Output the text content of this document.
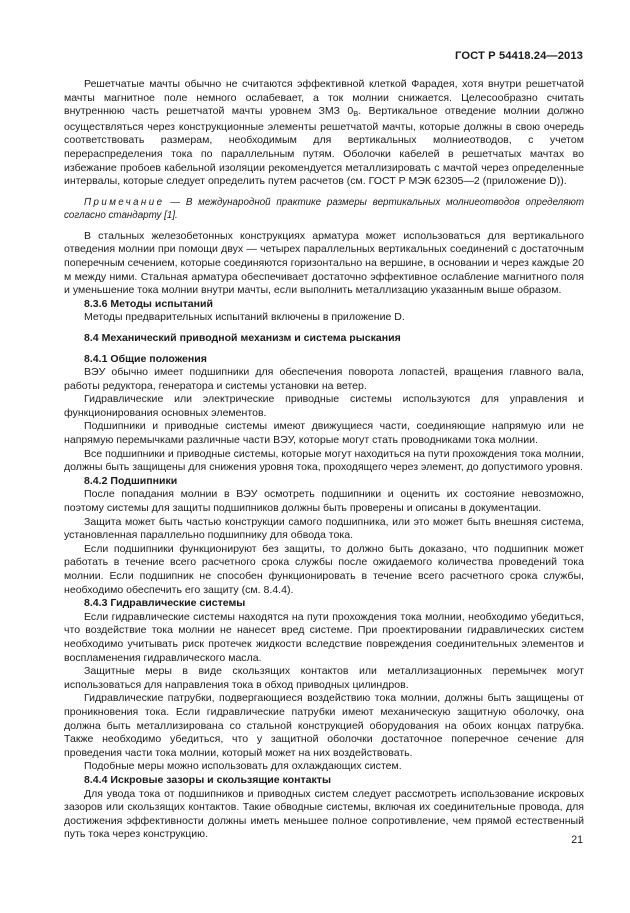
ГОСТ Р 54418.24—2013

Решетчатые мачты обычно не считаются эффективной клеткой Фарадея, хотя внутри решетчатой мачты магнитное поле немного ослабевает, а ток молнии снижается. Целесообразно считать внутреннюю часть решетчатой мачты уровнем ЗМЗ $0_B$. Вертикальное отведение молнии должно осуществляться через конструкционные элементы решетчатой мачты, которые должны в свою очередь соответствовать размерам, необходимым для вертикальных молниеотводов, с учетом перераспределения тока по параллельным путям. Оболочки кабелей в решетчатых мачтах во избежание пробоев кабельной изоляции рекомендуется металлизировать с мачтой через определенные интервалы, которые следует определить путем расчетов (см. ГОСТ Р МЭК 62305—2 (приложение D)).

Примечание — В международной практике размеры вертикальных молниеотводов определяют согласно стандарту [1].

В стальных железобетонных конструкциях арматура может использоваться для вертикального отведения молнии при помощи двух — четырех параллельных вертикальных соединений с достаточным поперечным сечением, которые соединяются горизонтально на вершине, в основании и через каждые 20 м между ними. Стальная арматура обеспечивает достаточно эффективное ослабление магнитного поля и уменьшение тока молнии внутри мачты, если выполнить металлизацию указанным выше образом.

8.3.6 Методы испытаний

Методы предварительных испытаний включены в приложение D.

8.4 Механический приводной механизм и система рыскания
8.4.1 Общие положения

ВЭУ обычно имеет подшипники для обеспечения поворота лопастей, вращения главного вала, работы редуктора, генератора и системы установки на ветер.

Гидравлические или электрические приводные системы используются для управления и функционирования основных элементов.

Подшипники и приводные системы имеют движущиеся части, соединяющие напрямую или не напрямую перемычками различные части ВЭУ, которые могут стать проводниками тока молнии.

Все подшипники и приводные системы, которые могут находиться на пути прохождения тока молнии, должны быть защищены для снижения уровня тока, проходящего через элемент, до допустимого уровня.

8.4.2 Подшипники

После попадания молнии в ВЭУ осмотреть подшипники и оценить их состояние невозможно, поэтому системы для защиты подшипников должны быть проверены и описаны в документации.

Защита может быть частью конструкции самого подшипника, или это может быть внешняя система, установленная параллельно подшипнику для обвода тока.

Если подшипники функционируют без защиты, то должно быть доказано, что подшипник может работать в течение всего расчетного срока службы после ожидаемого количества проведений тока молнии. Если подшипник не способен функционировать в течение всего расчетного срока службы, необходимо обеспечить его защиту (см. 8.4.4).

8.4.3 Гидравлические системы

Если гидравлические системы находятся на пути прохождения тока молнии, необходимо убедиться, что воздействие тока молнии не нанесет вред системе. При проектировании гидравлических систем необходимо учитывать риск протечек жидкости вследствие повреждения соединительных элементов и воспламенения гидравлического масла.

Защитные меры в виде скользящих контактов или металлизационных перемычек могут использоваться для направления тока в обход приводных цилиндров.

Гидравлические патрубки, подвергающиеся воздействию тока молнии, должны быть защищены от проникновения тока. Если гидравлические патрубки имеют механическую защитную оболочку, она должна быть металлизирована со стальной конструкцией оборудования на обоих концах патрубка. Также необходимо убедиться, что у защитной оболочки достаточное поперечное сечение для проведения части тока молнии, который может на них воздействовать.

Подобные меры можно использовать для охлаждающих систем.

8.4.4 Искровые зазоры и скользящие контакты

Для увода тока от подшипников и приводных систем следует рассмотреть использование искровых зазоров или скользящих контактов. Такие обводные системы, включая их соединительные провода, для достижения эффективности должны иметь меньшее полное сопротивление, чем прямой естественный путь тока через конструкцию.	21
